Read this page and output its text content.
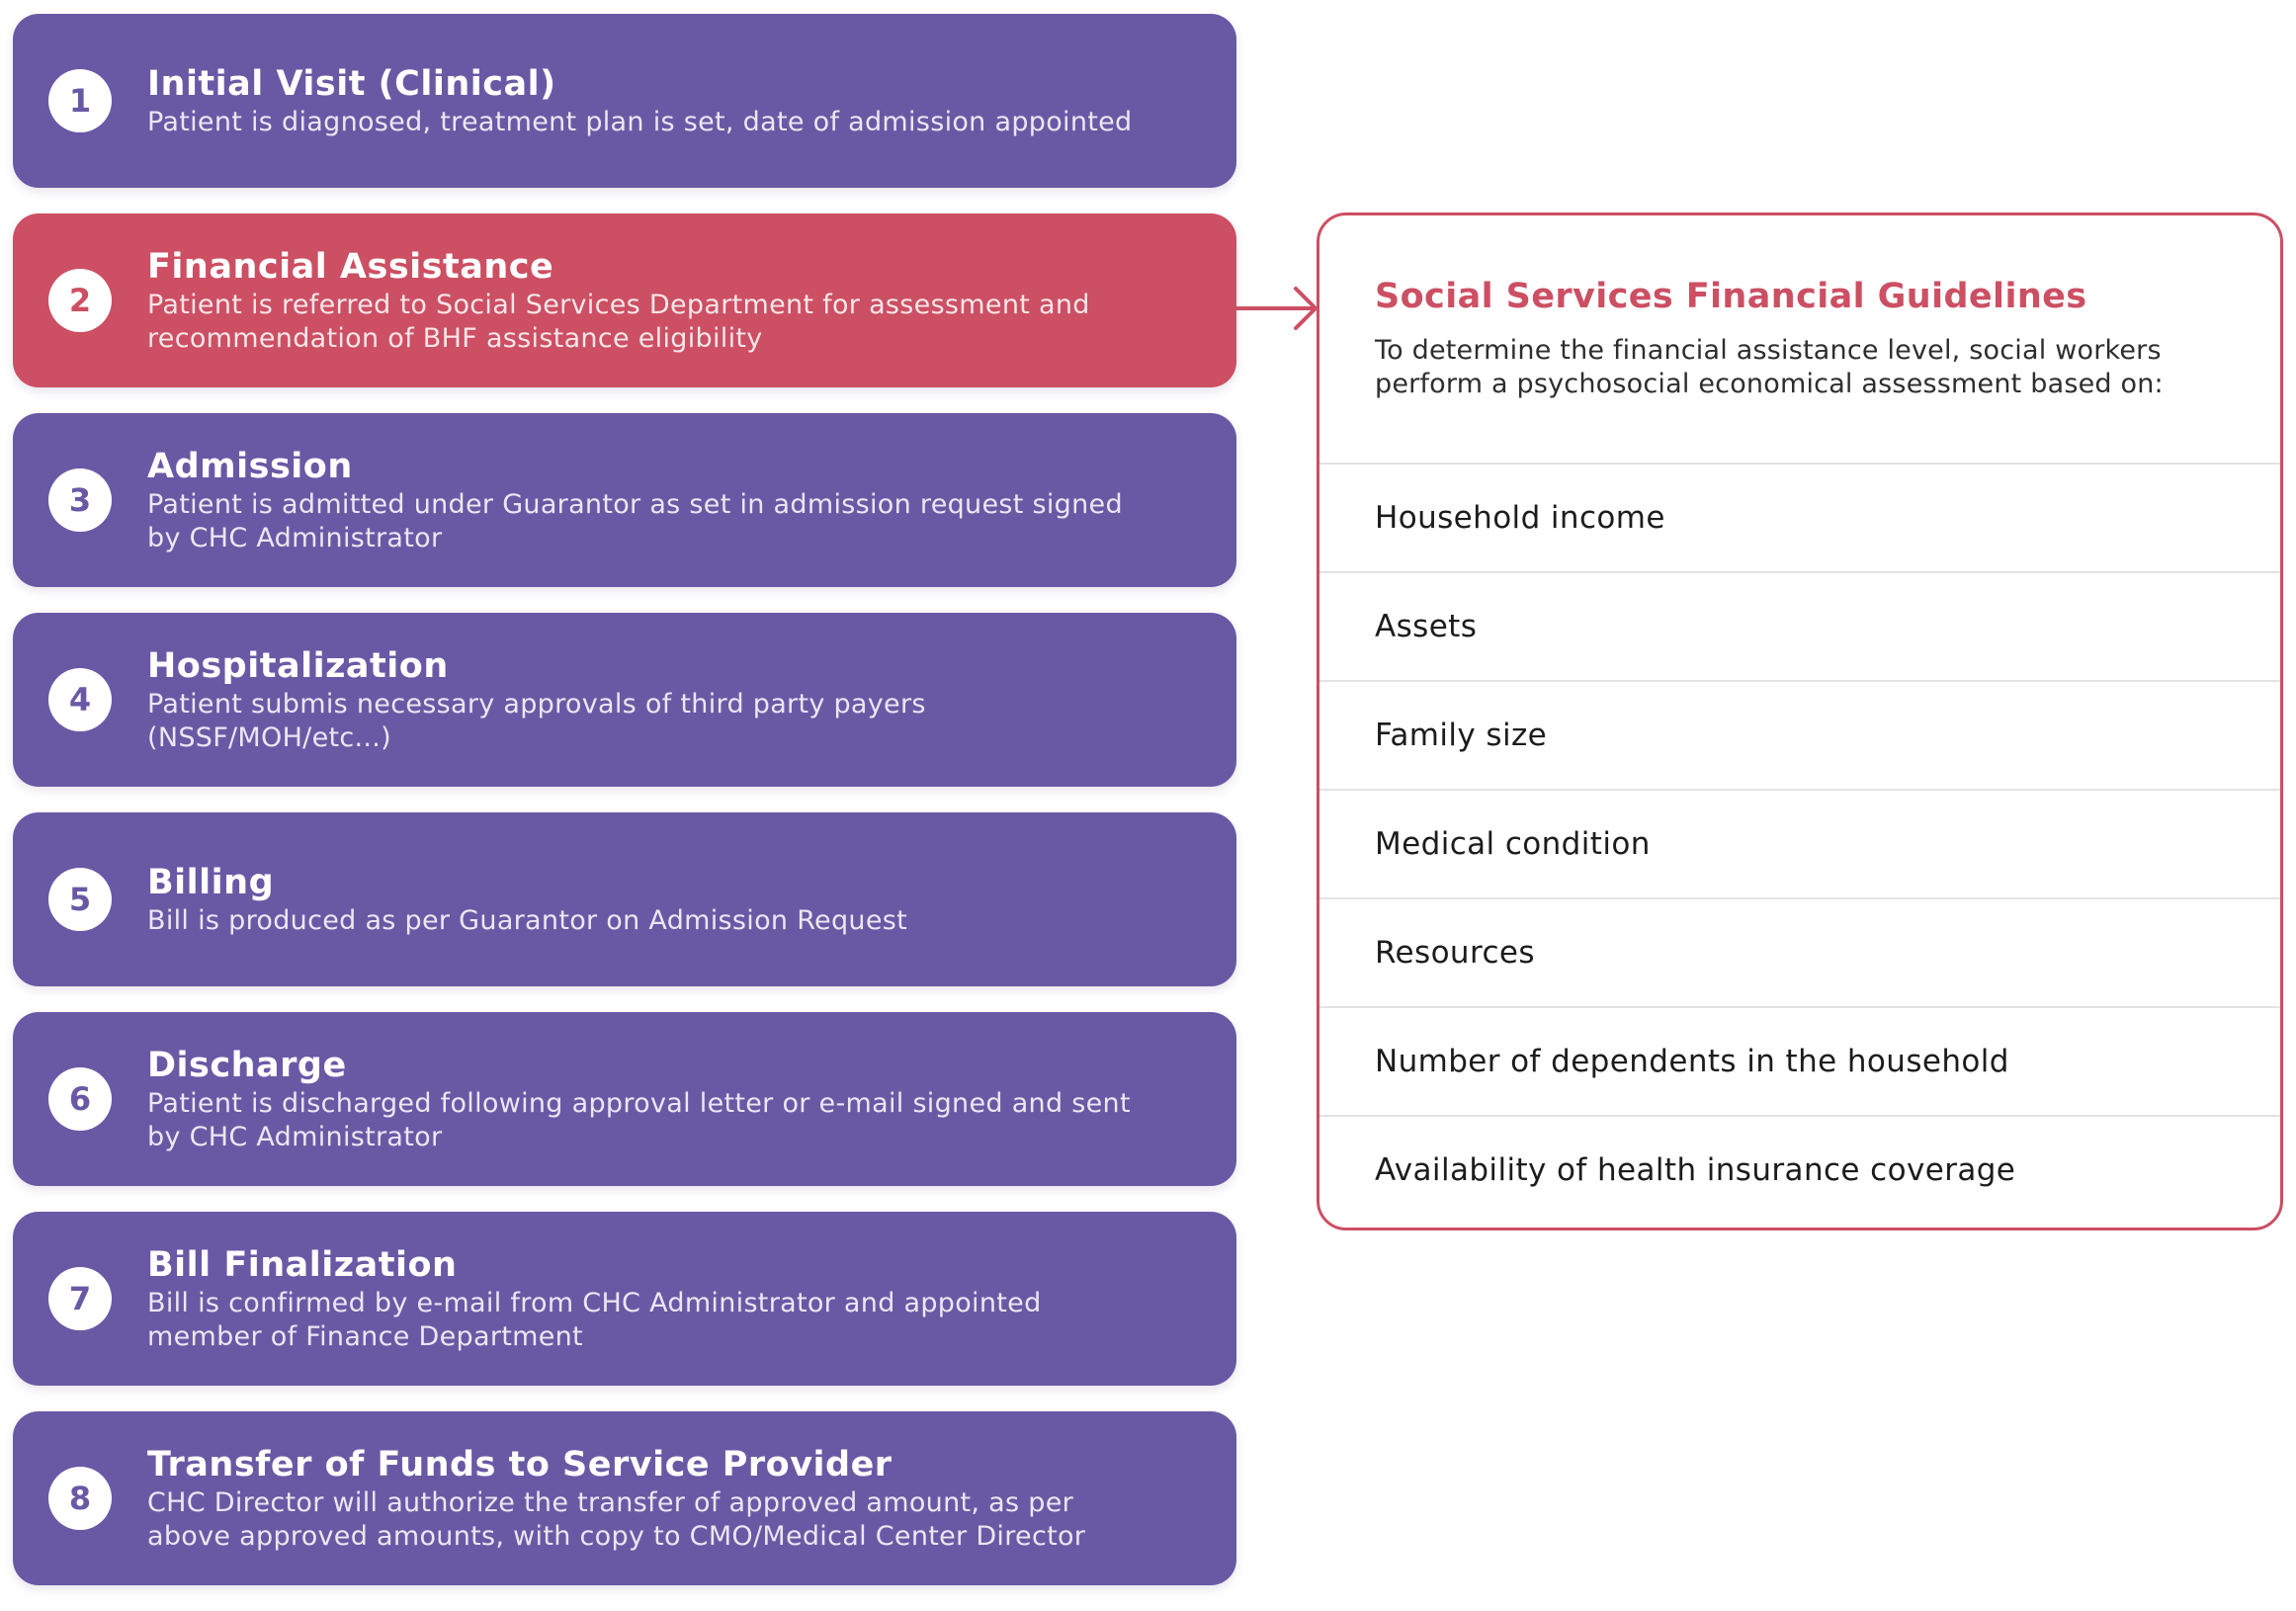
1	Initial Visit (Clinical)
Patient is diagnosed, treatment plan is set, date of admission appointed
2
Financial Assistance
Patient is referred to Social Services Department for assessment and recommendation of BHF assistance eligibility
3
Admission
Patient is admitted under Guarantor as set in admission request signed by CHC Administrator
4
Hospitalization
Patient submis necessary approvals of third party payers (NSSF/MOH/etc...)
5	Billing
Bill is produced as per Guarantor on Admission Request
6
Discharge
Patient is discharged following approval letter or e-mail signed and sent by CHC Administrator
7
Bill Finalization
Bill is confirmed by e-mail from CHC Administrator and appointed member of Finance Department
8
Transfer of Funds to Service Provider
CHC Director will authorize the transfer of approved amount, as per above approved amounts, with copy to CMO/Medical Center Director
Social Services Financial Guidelines
To determine the financial assistance level, social workers perform a psychosocial economical assessment based on:
Household income
Assets
Family size
Medical condition
Resources
Number of dependents in the household
Availability of health insurance coverage
